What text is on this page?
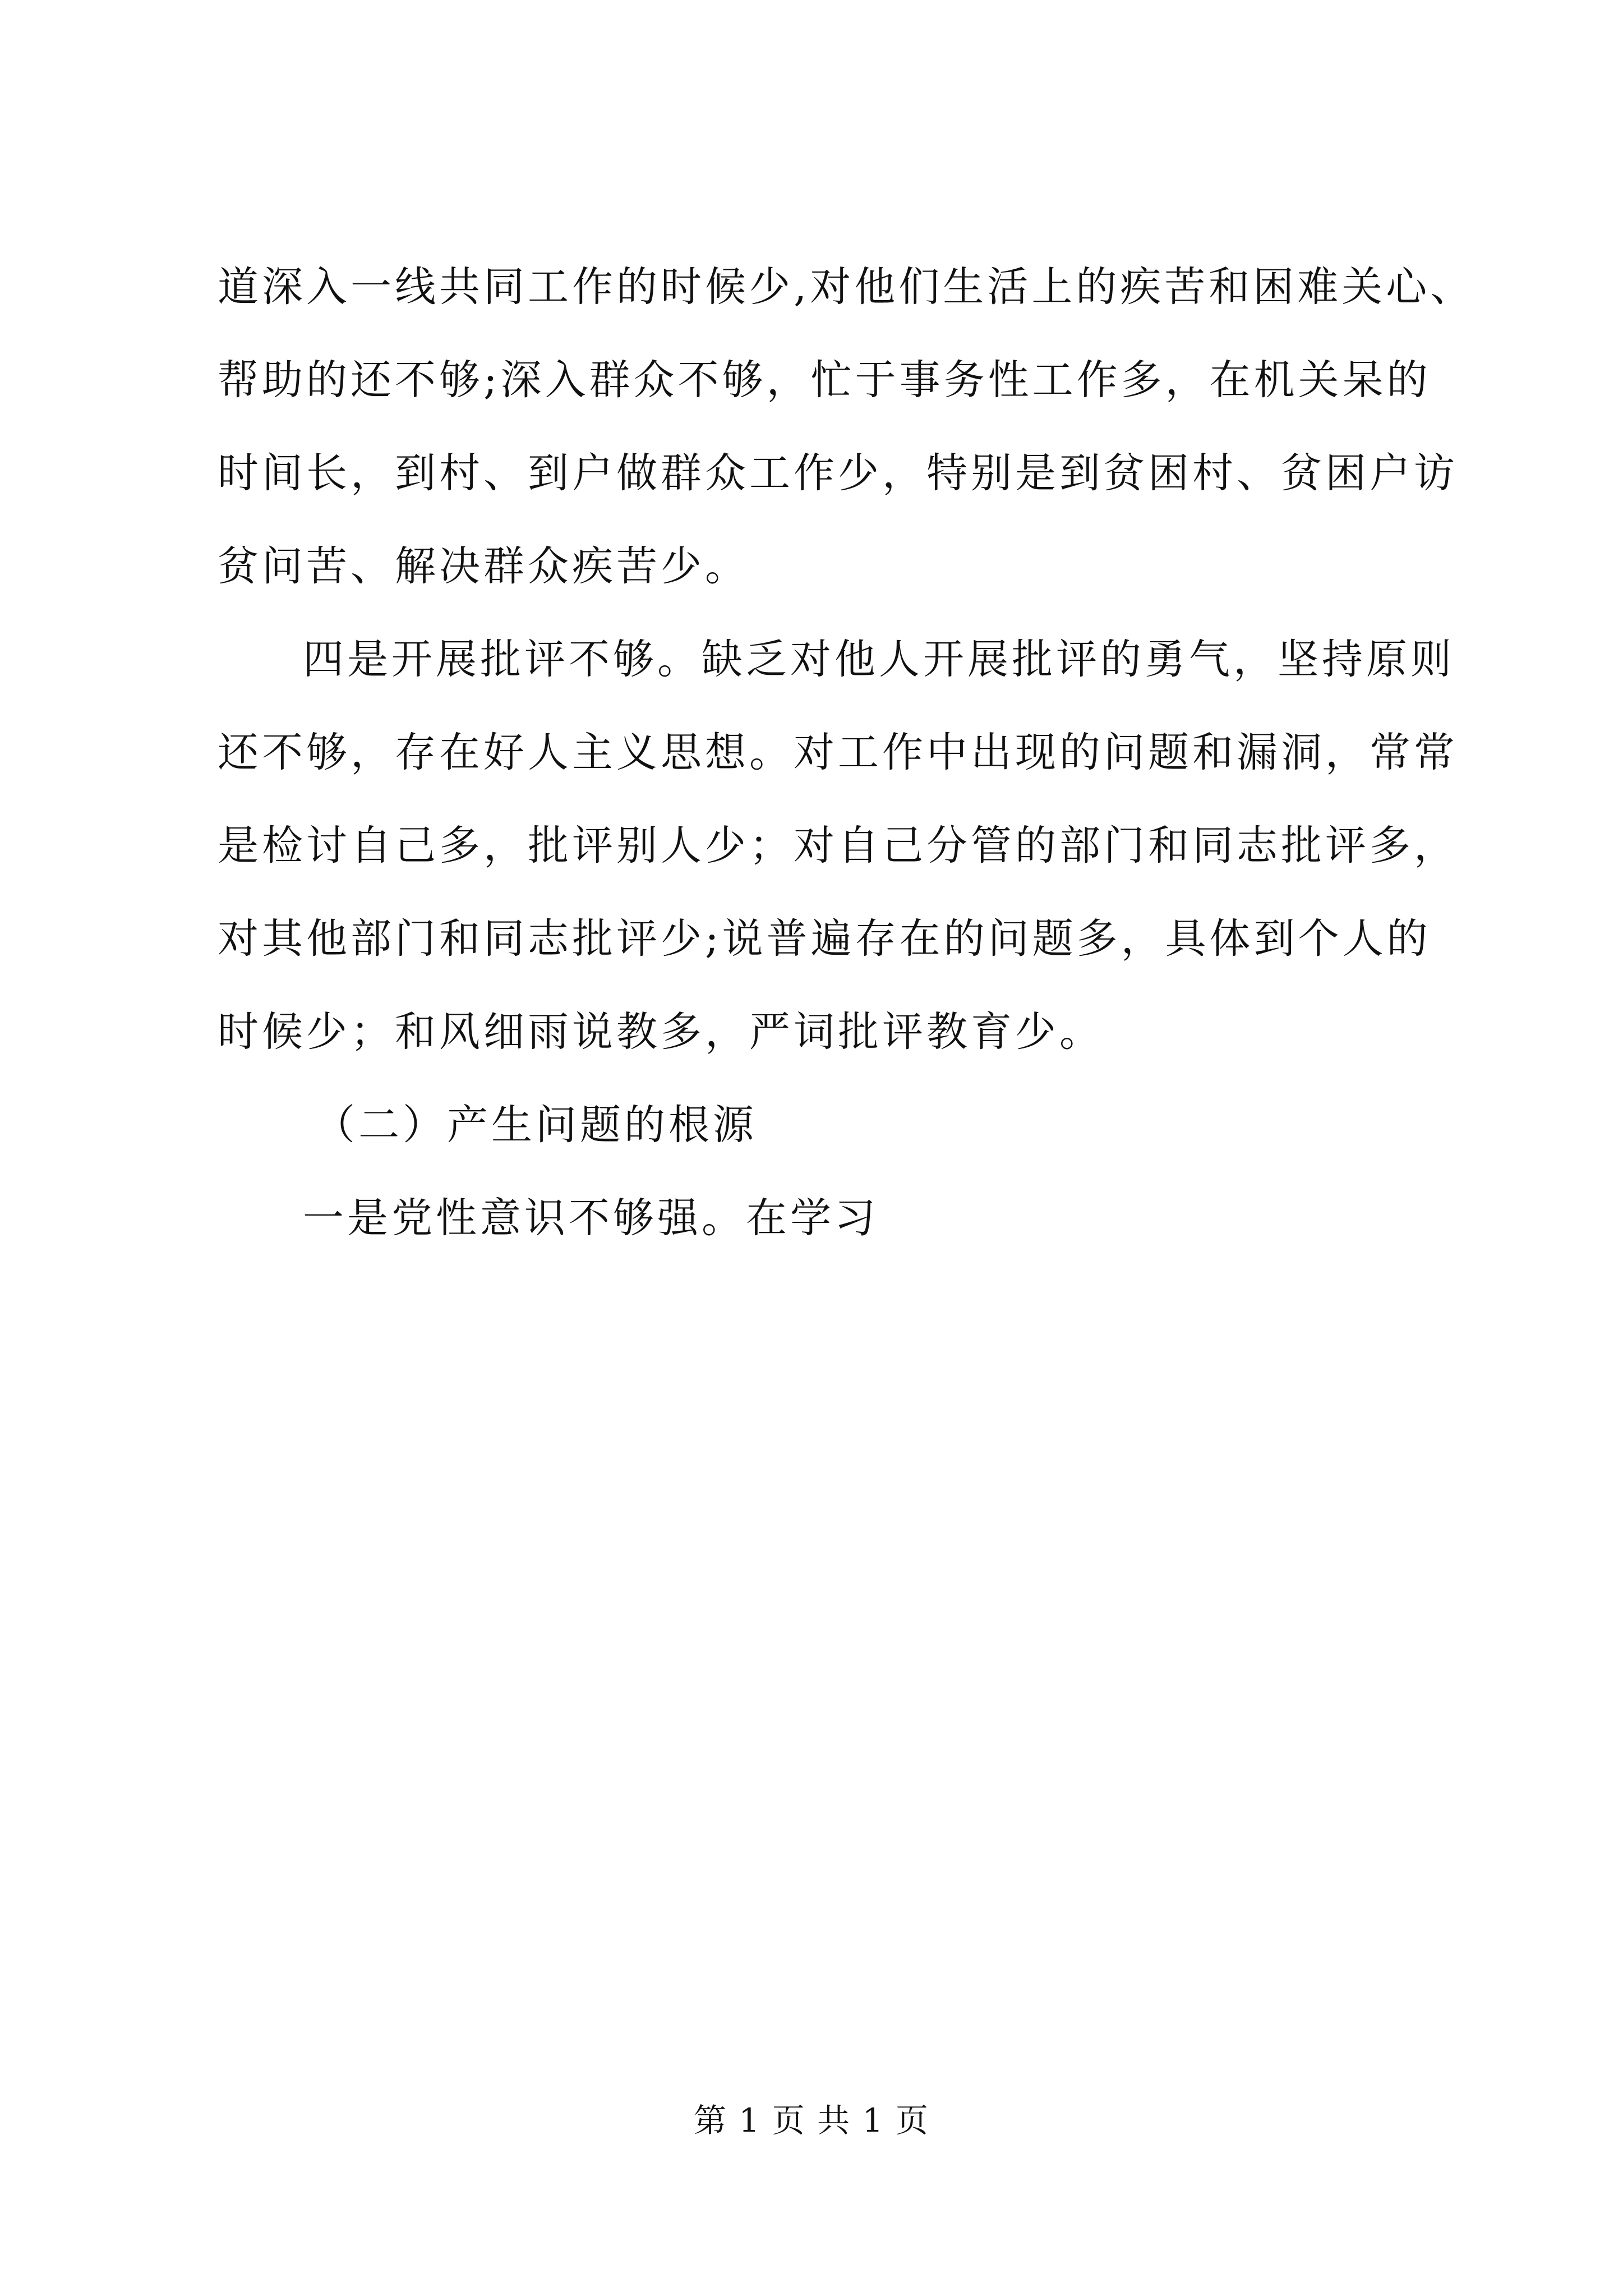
道深入一线共同工作的时候少,对他们生活上的疾苦和困难关心、
帮助的还不够;深入群众不够，忙于事务性工作多，在机关呆的
时间长，到村、到户做群众工作少，特别是到贫困村、贫困户访
贫问苦、解决群众疾苦少。
四是开展批评不够。缺乏对他人开展批评的勇气，坚持原则
还不够，存在好人主义思想。对工作中出现的问题和漏洞，常常
是检讨自己多，批评别人少；对自己分管的部门和同志批评多，
对其他部门和同志批评少;说普遍存在的问题多，具体到个人的
时候少；和风细雨说教多，严词批评教育少。
（二）产生问题的根源
一是党性意识不够强。在学习
第 1 页 共 1 页
